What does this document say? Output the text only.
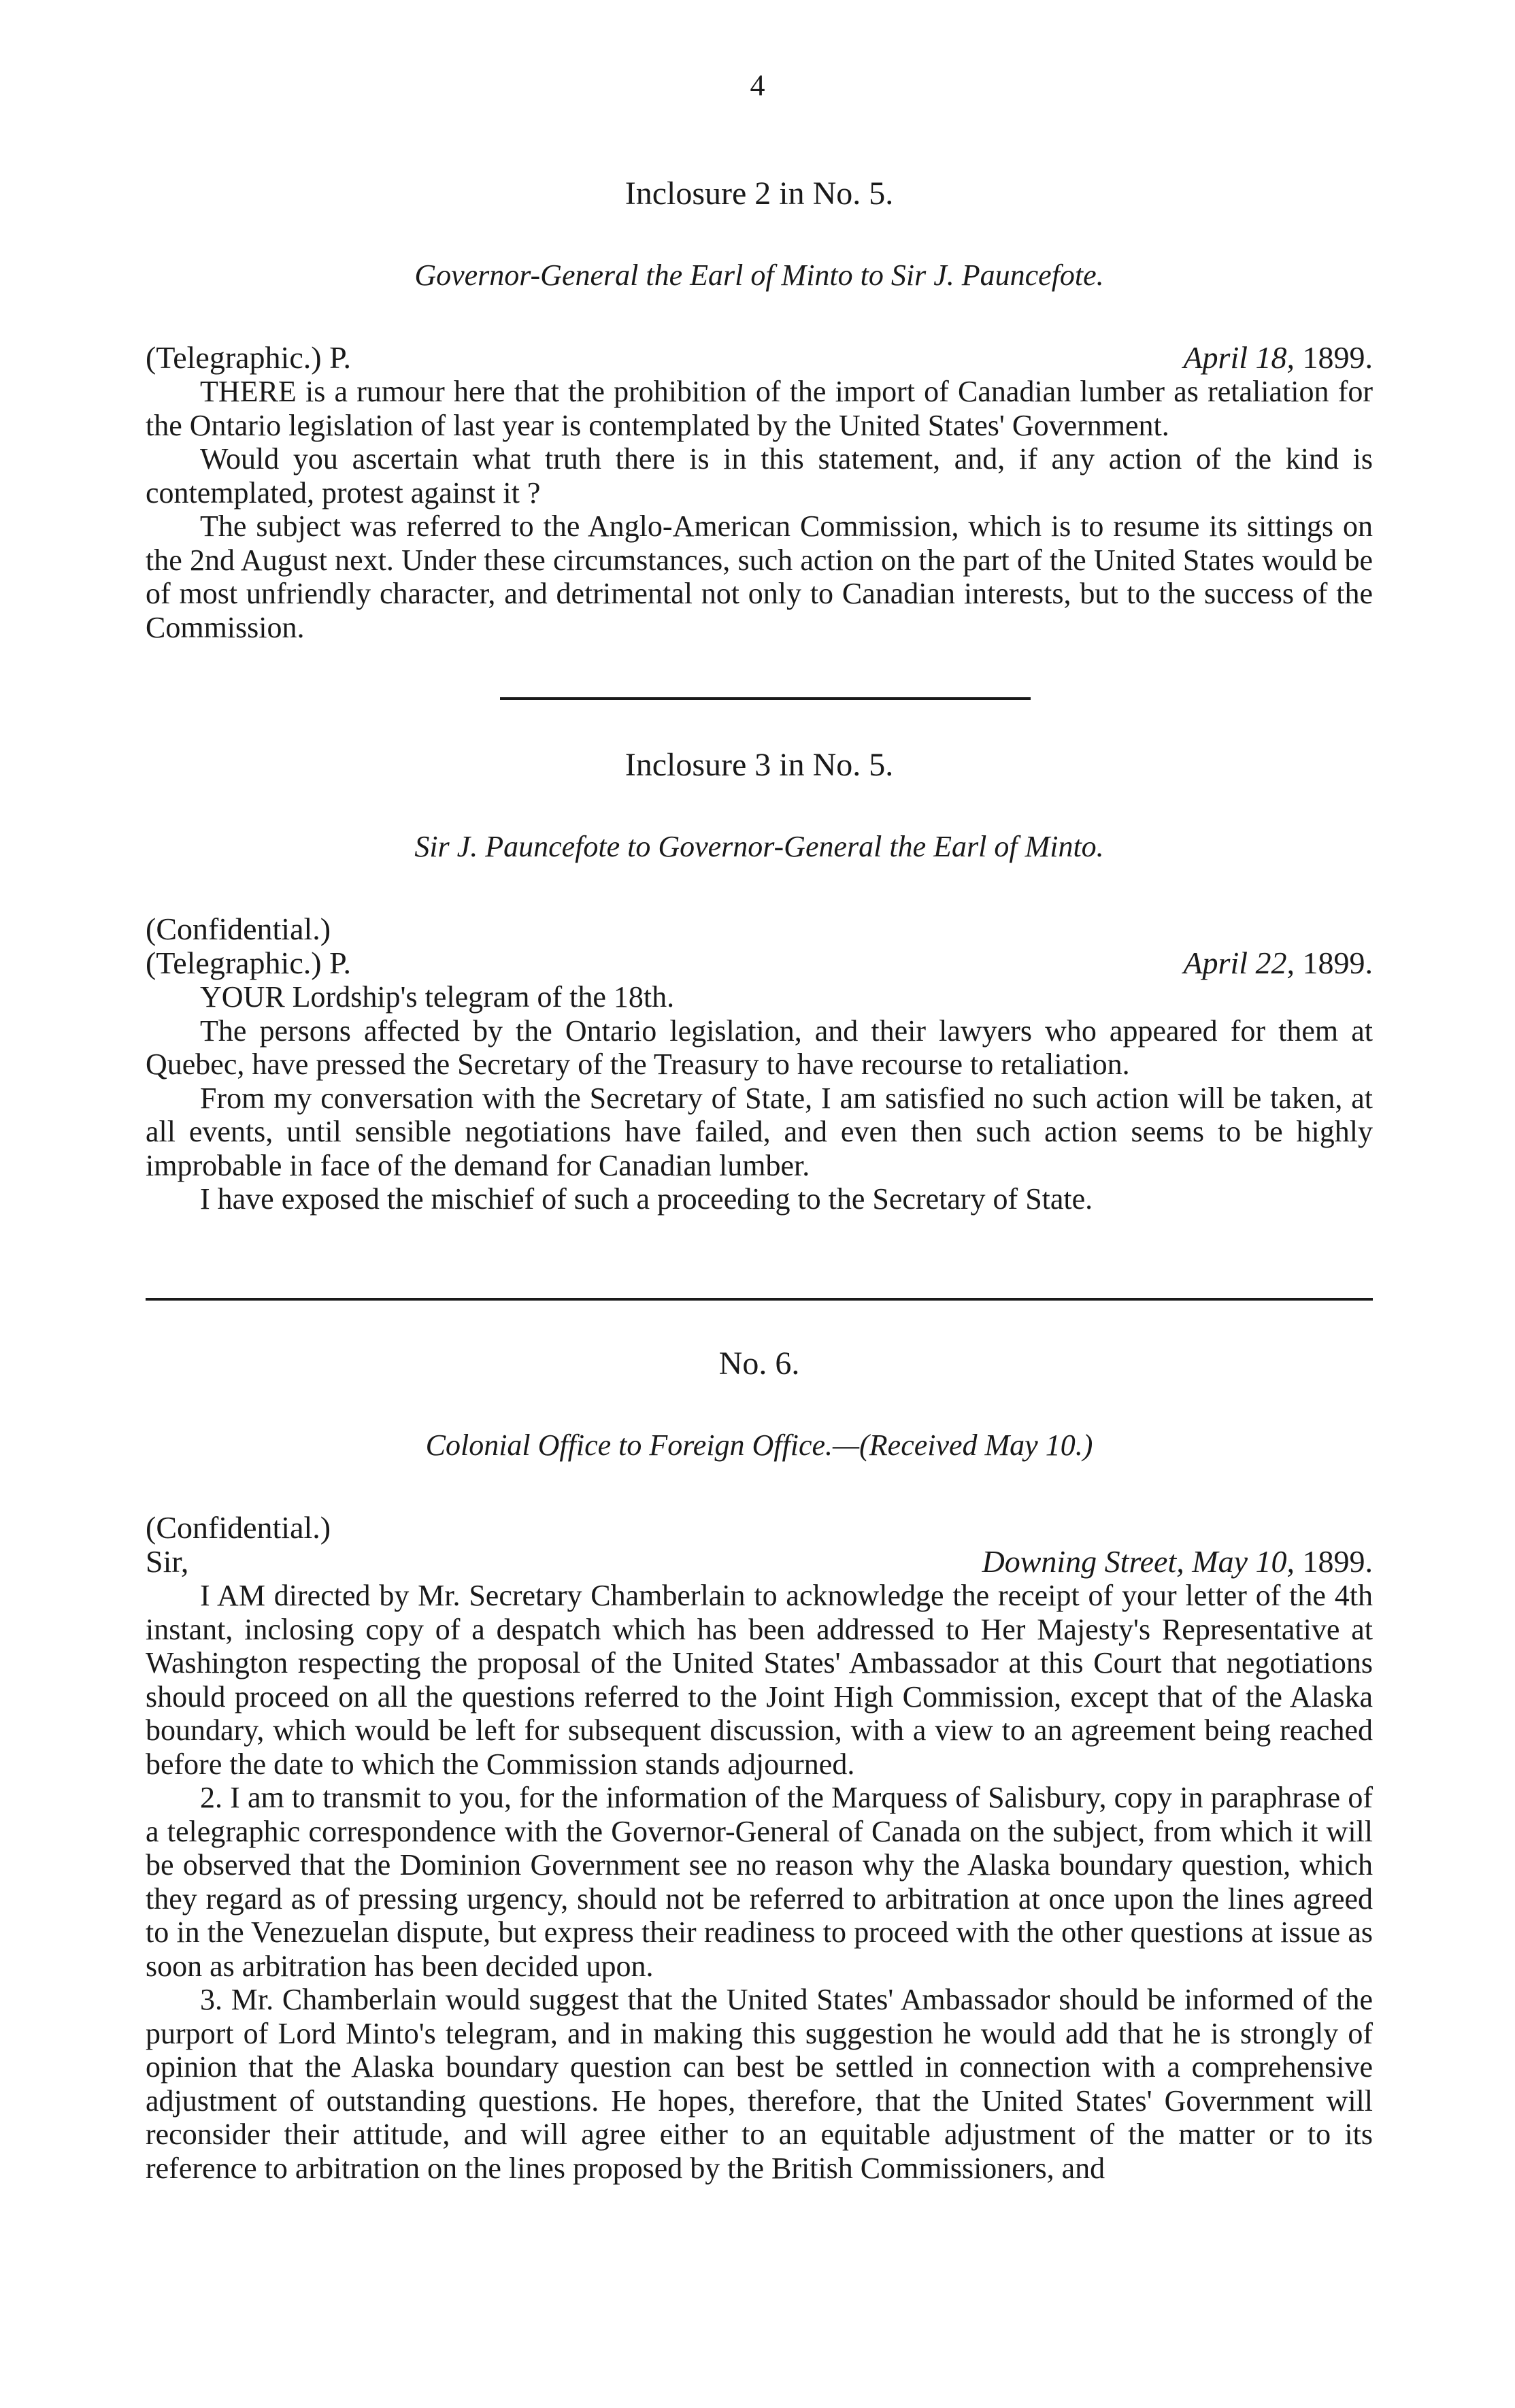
4
Inclosure 2 in No. 5.
Governor-General the Earl of Minto to Sir J. Pauncefote.
(Telegraphic.) P.	April 18, 1899.

THERE is a rumour here that the prohibition of the import of Canadian lumber as retaliation for the Ontario legislation of last year is contemplated by the United States' Government.

Would you ascertain what truth there is in this statement, and, if any action of the kind is contemplated, protest against it ?

The subject was referred to the Anglo-American Commission, which is to resume its sittings on the 2nd August next. Under these circumstances, such action on the part of the United States would be of most unfriendly character, and detrimental not only to Canadian interests, but to the success of the Commission.

Inclosure 3 in No. 5.
Sir J. Pauncefote to Governor-General the Earl of Minto.
(Confidential.)
(Telegraphic.) P.	April 22, 1899.

YOUR Lordship's telegram of the 18th.

The persons affected by the Ontario legislation, and their lawyers who appeared for them at Quebec, have pressed the Secretary of the Treasury to have recourse to retaliation.

From my conversation with the Secretary of State, I am satisfied no such action will be taken, at all events, until sensible negotiations have failed, and even then such action seems to be highly improbable in face of the demand for Canadian lumber.

I have exposed the mischief of such a proceeding to the Secretary of State.

No. 6.
Colonial Office to Foreign Office.—(Received May 10.)
(Confidential.)
Sir,	Downing Street, May 10, 1899.

I AM directed by Mr. Secretary Chamberlain to acknowledge the receipt of your letter of the 4th instant, inclosing copy of a despatch which has been addressed to Her Majesty's Representative at Washington respecting the proposal of the United States' Ambassador at this Court that negotiations should proceed on all the questions referred to the Joint High Commission, except that of the Alaska boundary, which would be left for subsequent discussion, with a view to an agreement being reached before the date to which the Commission stands adjourned.

2. I am to transmit to you, for the information of the Marquess of Salisbury, copy in paraphrase of a telegraphic correspondence with the Governor-General of Canada on the subject, from which it will be observed that the Dominion Government see no reason why the Alaska boundary question, which they regard as of pressing urgency, should not be referred to arbitration at once upon the lines agreed to in the Venezuelan dispute, but express their readiness to proceed with the other questions at issue as soon as arbitration has been decided upon.

3. Mr. Chamberlain would suggest that the United States' Ambassador should be informed of the purport of Lord Minto's telegram, and in making this suggestion he would add that he is strongly of opinion that the Alaska boundary question can best be settled in connection with a comprehensive adjustment of outstanding questions. He hopes, therefore, that the United States' Government will reconsider their attitude, and will agree either to an equitable adjustment of the matter or to its reference to arbitration on the lines proposed by the British Commissioners, and
